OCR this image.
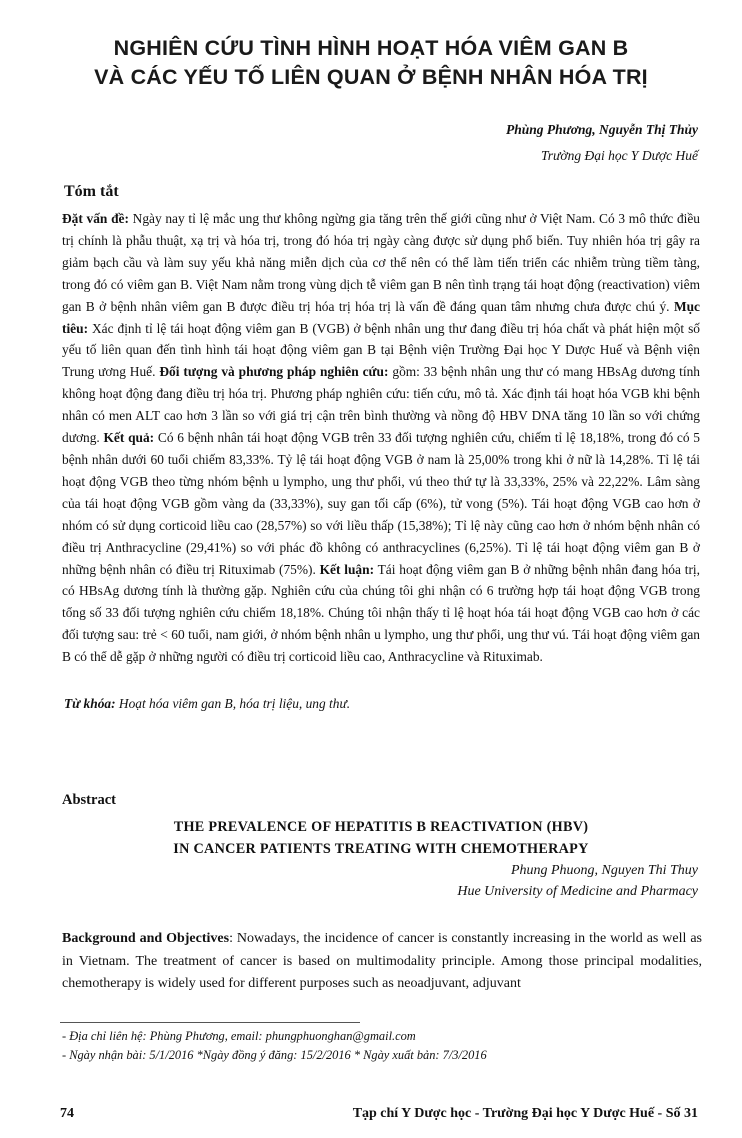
NGHIÊN CỨU TÌNH HÌNH HOẠT HÓA VIÊM GAN B
VÀ CÁC YẾU TỐ LIÊN QUAN Ở BỆNH NHÂN HÓA TRỊ
Phùng Phương, Nguyễn Thị Thủy
Trường Đại học Y Dược Huế
Tóm tắt

Đặt vấn đề: Ngày nay tỉ lệ mắc ung thư không ngừng gia tăng trên thế giới cũng như ở Việt Nam. Có 3 mô thức điều trị chính là phẫu thuật, xạ trị và hóa trị, trong đó hóa trị ngày càng được sử dụng phổ biến. Tuy nhiên hóa trị gây ra giảm bạch cầu và làm suy yếu khả năng miễn dịch của cơ thể nên có thể làm tiến triển các nhiễm trùng tiềm tàng, trong đó có viêm gan B. Việt Nam nằm trong vùng dịch tễ viêm gan B nên tình trạng tái hoạt động (reactivation) viêm gan B ở bệnh nhân viêm gan B được điều trị hóa trị hóa trị là vấn đề đáng quan tâm nhưng chưa được chú ý. Mục tiêu: Xác định tỉ lệ tái hoạt động viêm gan B (VGB) ở bệnh nhân ung thư đang điều trị hóa chất và phát hiện một số yếu tố liên quan đến tình hình tái hoạt động viêm gan B tại Bệnh viện Trường Đại học Y Dược Huế và Bệnh viện Trung ương Huế. Đối tượng và phương pháp nghiên cứu: gồm: 33 bệnh nhân ung thư có mang HBsAg dương tính không hoạt động đang điều trị hóa trị. Phương pháp nghiên cứu: tiến cứu, mô tả. Xác định tái hoạt hóa VGB khi bệnh nhân có men ALT cao hơn 3 lần so với giá trị cận trên bình thường và nồng độ HBV DNA tăng 10 lần so với chứng dương. Kết quả: Có 6 bệnh nhân tái hoạt động VGB trên 33 đối tượng nghiên cứu, chiếm tỉ lệ 18,18%, trong đó có 5 bệnh nhân dưới 60 tuổi chiếm 83,33%. Tỷ lệ tái hoạt động VGB ở nam là 25,00% trong khi ở nữ là 14,28%. Tỉ lệ tái hoạt động VGB theo từng nhóm bệnh u lympho, ung thư phổi, vú theo thứ tự là 33,33%, 25% và 22,22%. Lâm sàng của tái hoạt động VGB gồm vàng da (33,33%), suy gan tối cấp (6%), tử vong (5%). Tái hoạt động VGB cao hơn ở nhóm có sử dụng corticoid liều cao (28,57%) so với liều thấp (15,38%); Tỉ lệ này cũng cao hơn ở nhóm bệnh nhân có điều trị Anthracycline (29,41%) so với phác đồ không có anthracyclines (6,25%). Tỉ lệ tái hoạt động viêm gan B ở những bệnh nhân có điều trị Rituximab (75%). Kết luận: Tái hoạt động viêm gan B ở những bệnh nhân đang hóa trị, có HBsAg dương tính là thường gặp. Nghiên cứu của chúng tôi ghi nhận có 6 trường hợp tái hoạt động VGB trong tổng số 33 đối tượng nghiên cứu chiếm 18,18%. Chúng tôi nhận thấy tỉ lệ hoạt hóa tái hoạt động VGB cao hơn ở các đối tượng sau: trẻ < 60 tuổi, nam giới, ở nhóm bệnh nhân u lympho, ung thư phổi, ung thư vú. Tái hoạt động viêm gan B có thể dễ gặp ở những người có điều trị corticoid liều cao, Anthracycline và Rituximab.

Từ khóa: Hoạt hóa viêm gan B, hóa trị liệu, ung thư.
Abstract
THE PREVALENCE OF HEPATITIS B REACTIVATION (HBV)
IN CANCER PATIENTS TREATING WITH CHEMOTHERAPY
Phung Phuong, Nguyen Thi Thuy
Hue University of Medicine and Pharmacy

Background and Objectives: Nowadays, the incidence of cancer is constantly increasing in the world as well as in Vietnam. The treatment of cancer is based on multimodality principle. Among those principal modalities, chemotherapy is widely used for different purposes such as neoadjuvant, adjuvant

- Địa chỉ liên hệ: Phùng Phương, email: phungphuonghan@gmail.com
- Ngày nhận bài: 5/1/2016 *Ngày đồng ý đăng: 15/2/2016 * Ngày xuất bản: 7/3/2016
74	Tạp chí Y Dược học - Trường Đại học Y Dược Huế - Số 31
